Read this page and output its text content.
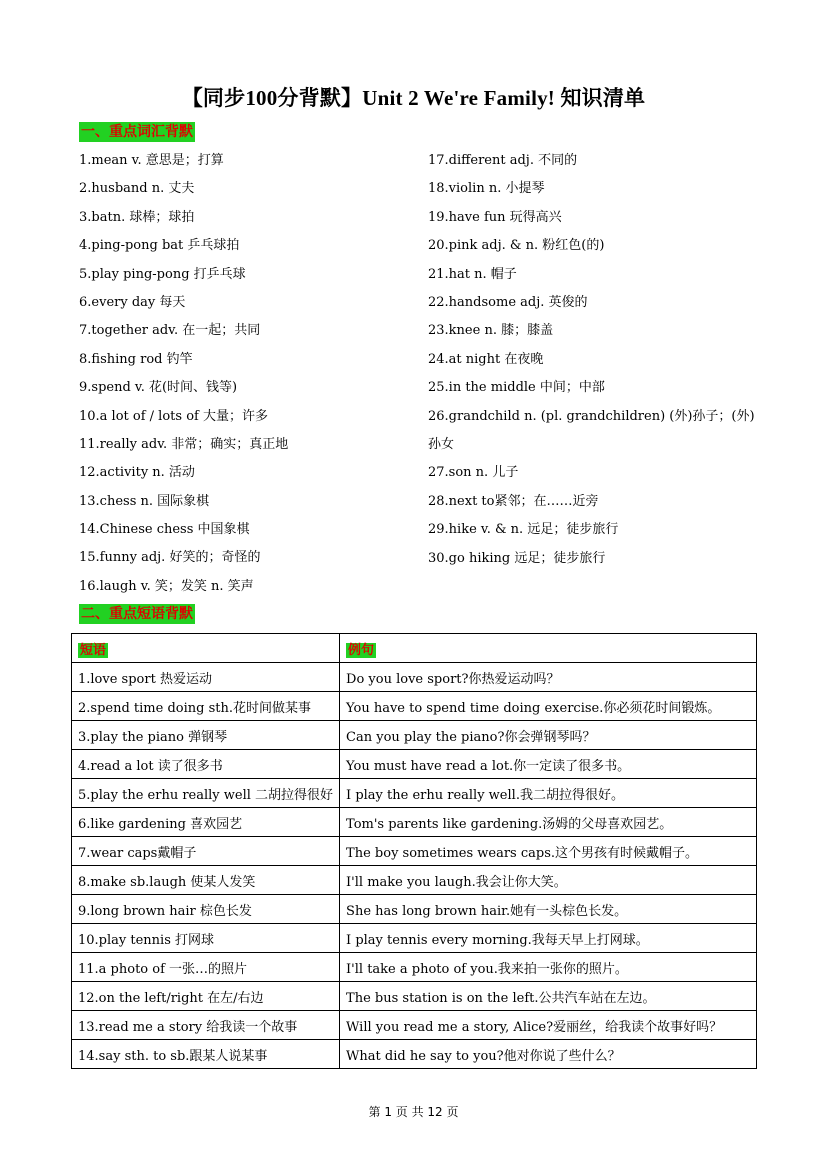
【同步100分背默】Unit 2 We're Family! 知识清单
一、重点词汇背默
1.mean v. 意思是；打算
2.husband n. 丈夫
3.batn. 球棒；球拍
4.ping-pong bat 乒乓球拍
5.play ping-pong 打乒乓球
6.every day 每天
7.together adv. 在一起；共同
8.fishing rod 钓竿
9.spend v. 花(时间、钱等)
10.a lot of / lots of 大量；许多
11.really adv. 非常；确实；真正地
12.activity n. 活动
13.chess n. 国际象棋
14.Chinese chess 中国象棋
15.funny adj. 好笑的；奇怪的
16.laugh v. 笑；发笑 n. 笑声
17.different adj. 不同的
18.violin n. 小提琴
19.have fun 玩得高兴
20.pink adj. & n. 粉红色(的)
21.hat n. 帽子
22.handsome adj. 英俊的
23.knee n. 膝；膝盖
24.at night 在夜晚
25.in the middle 中间；中部
26.grandchild n. (pl. grandchildren) (外)孙子；(外)孙女
27.son n. 儿子
28.next to紧邻；在……近旁
29.hike v. & n. 远足；徒步旅行
30.go hiking 远足；徒步旅行
二、重点短语背默
短语	例句
1.love sport 热爱运动	Do you love sport?你热爱运动吗？
2.spend time doing sth.花时间做某事	You have to spend time doing exercise.你必须花时间锻炼。
3.play the piano 弹钢琴	Can you play the piano?你会弹钢琴吗？
4.read a lot 读了很多书	You must have read a lot.你一定读了很多书。
5.play the erhu really well 二胡拉得很好	I play the erhu really well.我二胡拉得很好。
6.like gardening 喜欢园艺	Tom's parents like gardening.汤姆的父母喜欢园艺。
7.wear caps戴帽子	The boy sometimes wears caps.这个男孩有时候戴帽子。
8.make sb.laugh 使某人发笑	I'll make you laugh.我会让你大笑。
9.long brown hair 棕色长发	She has long brown hair.她有一头棕色长发。
10.play tennis 打网球	I play tennis every morning.我每天早上打网球。
11.a photo of 一张…的照片	I'll take a photo of you.我来拍一张你的照片。
12.on the left/right 在左/右边	The bus station is on the left.公共汽车站在左边。
13.read me a story 给我读一个故事	Will you read me a story, Alice?爱丽丝，给我读个故事好吗？
14.say sth. to sb.跟某人说某事	What did he say to you?他对你说了些什么？
第 1 页 共 12 页
